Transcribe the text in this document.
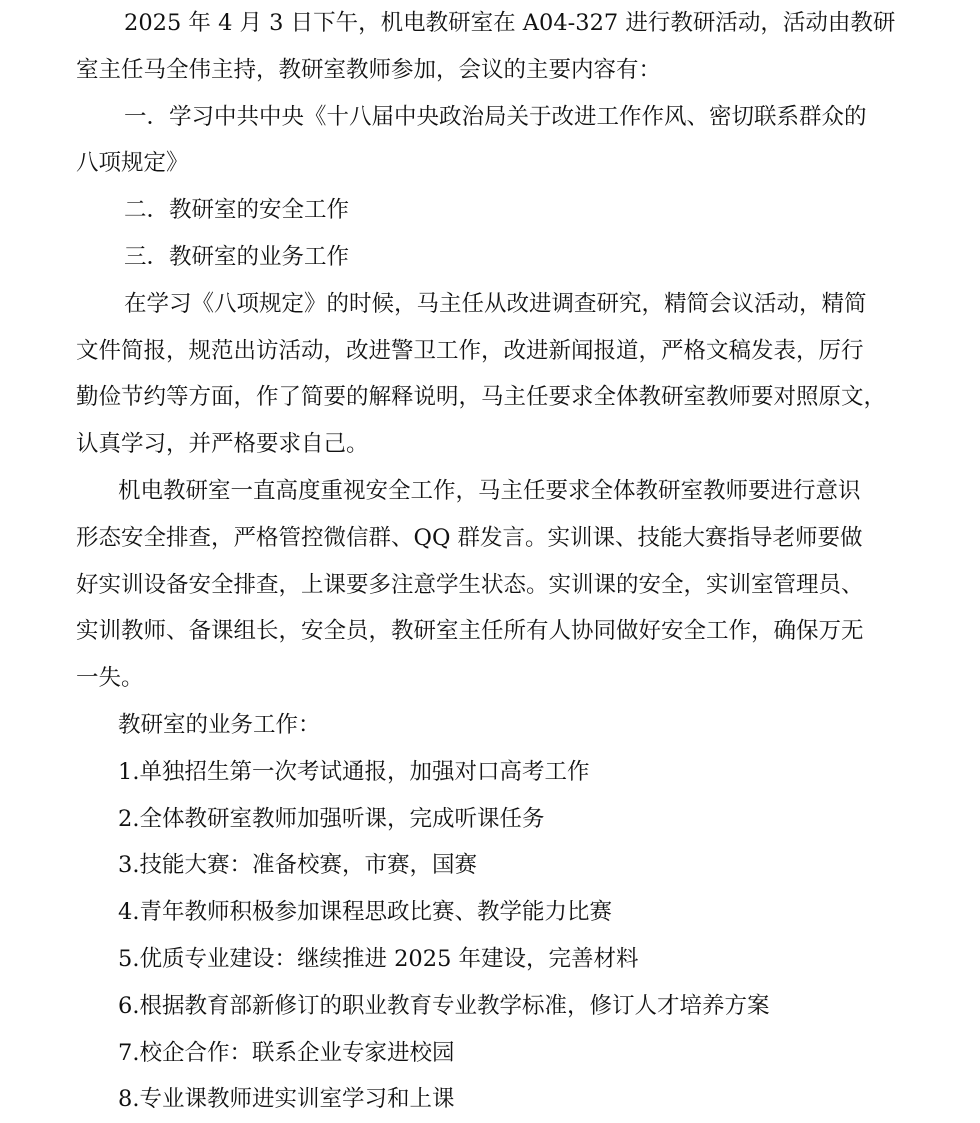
2025 年 4 月 3 日下午，机电教研室在 A04-327 进行教研活动，活动由教研
室主任马全伟主持，教研室教师参加，会议的主要内容有：
一．学习中共中央《十八届中央政治局关于改进工作作风、密切联系群众的
八项规定》
二．教研室的安全工作
三．教研室的业务工作
在学习《八项规定》的时候，马主任从改进调查研究，精简会议活动，精简
文件简报，规范出访活动，改进警卫工作，改进新闻报道，严格文稿发表，厉行
勤俭节约等方面，作了简要的解释说明，马主任要求全体教研室教师要对照原文，
认真学习，并严格要求自己。
机电教研室一直高度重视安全工作，马主任要求全体教研室教师要进行意识
形态安全排查，严格管控微信群、QQ 群发言。实训课、技能大赛指导老师要做
好实训设备安全排查，上课要多注意学生状态。实训课的安全，实训室管理员、
实训教师、备课组长，安全员，教研室主任所有人协同做好安全工作，确保万无
一失。
教研室的业务工作：
1.单独招生第一次考试通报，加强对口高考工作
2.全体教研室教师加强听课，完成听课任务
3.技能大赛：准备校赛，市赛，国赛
4.青年教师积极参加课程思政比赛、教学能力比赛
5.优质专业建设：继续推进 2025 年建设，完善材料
6.根据教育部新修订的职业教育专业教学标准，修订人才培养方案
7.校企合作：联系企业专家进校园
8.专业课教师进实训室学习和上课
